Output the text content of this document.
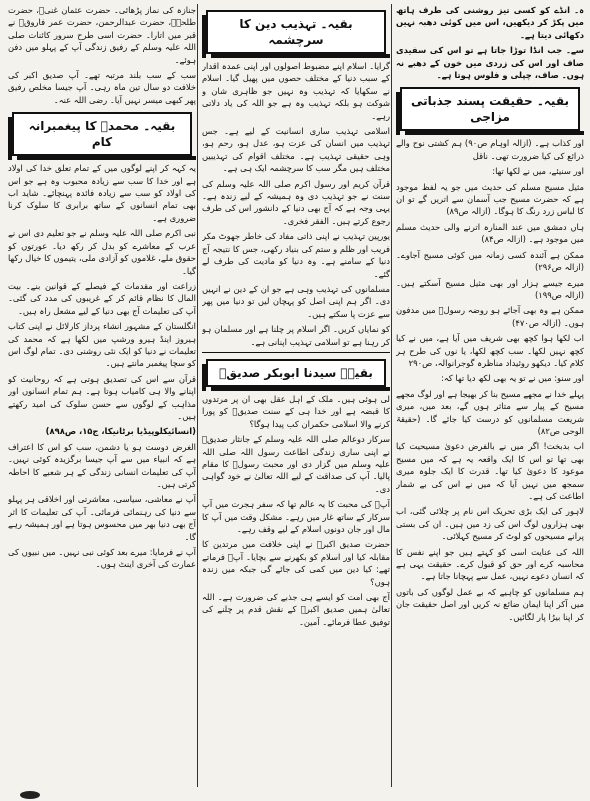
ہ۔ انڈے کو کسی تیز روشنی کی طرف ہاتھ میں پکڑ کر دیکھیں، اس میں کوئی دھبہ نہیں دکھائی دیتا ہے۔

سے۔ جب انڈا توڑا جاتا ہے تو اس کی سفیدی صاف اور اس کی زردی میں خون کے دھبے نہ ہوں۔ صاف، چپلی و فلوس ہوتا ہے۔

بقیہ۔ حقیقت پسند جذباتی مزاجی

اور کذاب ہے۔ (ازالہ اوہام ص۹۰) ہم کشتی نوح والے ذرائع کی کیا ضرورت تھی۔ ناقل

اور سنیئے، میں نے لکھا تھا:

مثیل مسیح مسلم کی حدیث میں جو یہ لفظ موجود ہے کہ حضرت مسیح جب آسمان سے اتریں گے تو ان کا لباس زرد رنگ کا ہوگا۔ (ازالہ ص۸۹)

ہاں دمشق میں عند المنارہ اترنے والی حدیث مسلم میں موجود ہے۔ (ازالہ ص۸۴)

ممکن ہے آئندہ کسی زمانہ میں کوئی مسیح آجاوے۔ (ازالہ ص۲۹۶)

میرے جیسے ہزار اور بھی مثیل مسیح آسکتے ہیں۔ (ازالہ ص۱۹۹)

ممکن ہے وہ بھی آجائے ہو روضہ رسولؐ میں مدفون ہوں۔ (ازالہ ص۴۷۰)

اب لکھا ہوا کچھ بھی شریف میں آیا ہے، میں نے کیا کچھ نہیں لکھا۔ سب کچھ لکھا، یا نوں کی طرح ہر کلام کیا۔ دیکھو روئیداد مناظرہ گوجرانوالہ، ص۲۹۰

اور سنو: میں نے تو یہ بھی لکھ دیا تھا کہ:

پہلے خدا نے مجھے مسیح بنا کر بھیجا ہے اور لوگ مجھے مسیح کے پیار سے متاثر ہوں گے، بعد میں، میری شریعت مسلمانوں کو درست کیا جائے گا۔ (حقیقۃ الوحی ص۸۲)

اب بدبخت! اگر میں نے بالفرض دعویٰ مسیحیت کیا بھی تھا تو اس کا ایک واقعہ یہ ہے کہ میں مسیح موعود کا دعویٰ کیا تھا۔ قدرت کا ایک جلوہ میری سمجھ میں نہیں آیا کہ میں نے اس کی بے شمار اطاعت کی ہے۔

لاہور کی ایک بڑی تحریک اس نام پر چلائی گئی، اب بھی ہزاروں لوگ اس کی زد میں ہیں۔ ان کی بستی پرانے مسیحوں کو لوٹ کر مسیح کہلائی۔

اللہ کی عنایت اسی کو کہتے ہیں جو اپنے نفس کا محاسبہ کرے اور حق کو قبول کرے۔ حقیقت یہی ہے کہ انسان دعوے نہیں، عمل سے پہچانا جاتا ہے۔

ہم مسلمانوں کو چاہیے کہ بے عمل لوگوں کی باتوں میں آکر اپنا ایمان ضائع نہ کریں اور اصل حقیقت جان کر اپنا بیڑا پار لگائیں۔

بقیہ۔ تہذیب دین کا سرچشمہ

گرایا۔ اسلام اپنے مضبوط اصولوں اور اپنی عمدہ اقدار کے سبب دنیا کے مختلف حصوں میں پھیل گیا۔ اسلام نے سکھایا کہ تہذیب وہ نہیں جو ظاہری شان و شوکت ہو بلکہ تہذیب وہ ہے جو اللہ کی یاد دلاتی رہے۔

اسلامی تہذیب ساری انسانیت کے لیے ہے۔ جس تہذیب میں انسان کی عزت ہو، عدل ہو، رحم ہو، وہی حقیقی تہذیب ہے۔ مختلف اقوام کی تہذیبیں مختلف ہیں مگر سب کا سرچشمہ ایک ہی ہے۔

قرآن کریم اور رسول اکرم صلی اللہ علیہ وسلم کی سنت نے جو تہذیب دی وہ ہمیشہ کے لیے زندہ ہے۔ یہی وجہ ہے کہ آج بھی دنیا کے دانشور اس کی طرف رجوع کرتے ہیں۔ الفقر فخری۔

یورپین تہذیب نے اپنی ذاتی مفاد کی خاطر جھوٹ مکر فریب اور ظلم و ستم کی بنیاد رکھی، جس کا نتیجہ آج دنیا کے سامنے ہے۔ وہ دنیا کو مادیت کی طرف لے گئے۔

مسلمانوں کی تہذیب وہی ہے جو ان کے دین نے انہیں دی۔ اگر ہم اپنی اصل کو پہچان لیں تو دنیا میں پھر سے عزت پا سکتے ہیں۔

کو نمایاں کریں۔ اگر اسلام پر چلنا ہے اور مسلمان ہو کر رہنا ہے تو اسلامی تہذیب اپنانی ہے۔

بقیہ۔ سیدنا ابوبکر صدیقؓ

لی ہوئی ہیں۔ ملک کے اہل عقل بھی ان پر مرتدوں کا قبضہ ہے اور خدا ہی کے سنت صدیقؓ کو پورا کرنے والا اسلامی حکمران کب پیدا ہوگا؟

سرکار دوعالم صلی اللہ علیہ وسلم کے جانثار صدیقؓ نے اپنی ساری زندگی اطاعت رسول اللہ صلی اللہ علیہ وسلم میں گزار دی اور محبت رسولؐ کا مقام پالیا۔ آپ کی صداقت کے لیے اللہ تعالیٰ نے خود گواہی دی۔

آپؓ کی محبت کا یہ عالم تھا کہ سفر ہجرت میں آپ سرکار کے ساتھ غار میں رہے۔ مشکل وقت میں آپ کا مال اور جان دونوں اسلام کے لیے وقف رہے۔

حضرت صدیق اکبرؓ نے اپنی خلافت میں مرتدین کا مقابلہ کیا اور اسلام کو بکھرنے سے بچایا۔ آپؓ فرماتے تھے: کیا دین میں کمی کی جائے گی جبکہ میں زندہ ہوں؟

آج بھی امت کو ایسے ہی جذبے کی ضرورت ہے۔ اللہ تعالیٰ ہمیں صدیق اکبرؓ کے نقش قدم پر چلنے کی توفیق عطا فرمائے۔ آمین۔

جنازہ کی نماز پڑھائی۔ حضرت عثمان غنیؓ، حضرت طلحہؓ، حضرت عبدالرحمن، حضرت عمر فاروقؓ نے قبر میں اتارا۔ حضرت اسی طرح سرور کائنات صلی اللہ علیہ وسلم کے رفیق زندگی آپ کے پہلو میں دفن ہوئے۔

سب کے سب بلند مرتبہ تھے۔ آپ صدیق اکبر کی خلافت دو سال تین ماہ رہی۔ آپ جیسا مخلص رفیق پھر کبھی میسر نہیں آیا۔ رضی اللہ عنہ۔

بقیہ۔ محمدؐ کا پیغمبرانہ کام

یہ کہہ کر اپنے لوگوں میں کے تمام تعلق خدا کی اولاد ہے اور خدا کا سب سے زیادہ محبوب وہ ہے جو اس کی اولاد کو سب سے زیادہ فائدہ پہنچائے۔ شاید اب بھی تمام انسانوں کے ساتھ برابری کا سلوک کرنا ضروری ہے۔

نبی اکرم صلی اللہ علیہ وسلم نے جو تعلیم دی اس نے عرب کے معاشرے کو بدل کر رکھ دیا۔ عورتوں کو حقوق ملے، غلاموں کو آزادی ملی، یتیموں کا خیال رکھا گیا۔

زراعت اور مقدمات کے فیصلے کے قوانین بنے۔ بیت المال کا نظام قائم کر کے غریبوں کی مدد کی گئی۔ آپ کی تعلیمات آج بھی دنیا کے لیے مشعل راہ ہیں۔

انگلستان کے مشہور انشاء پرداز کارلائل نے اپنی کتاب ہیروز اینڈ ہیرو ورشپ میں لکھا ہے کہ محمد کی تعلیمات نے دنیا کو ایک نئی روشنی دی۔ تمام لوگ اس کو سچا پیغمبر مانتے ہیں۔

قرآن سے اس کی تصدیق ہوتی ہے کہ روحانیت کو اپنانے والا ہی کامیاب ہوتا ہے۔ ہم تمام انسانوں اور مذاہب کے لوگوں سے حسن سلوک کی امید رکھتے ہیں۔

(انسائیکلوپیڈیا برٹانیکا، ج۱۵، ص۸۹۸)

الغرض دوست ہو یا دشمن، سب کو اس کا اعتراف ہے کہ انبیاء میں سے آپ جیسا برگزیدہ کوئی نہیں۔ آپ کی تعلیمات انسانی زندگی کے ہر شعبے کا احاطہ کرتی ہیں۔

آپ نے معاشی، سیاسی، معاشرتی اور اخلاقی ہر پہلو سے دنیا کی رہنمائی فرمائی۔ آپ کی تعلیمات کا اثر آج بھی دنیا بھر میں محسوس ہوتا ہے اور ہمیشہ رہے گا۔

آپ نے فرمایا: میرے بعد کوئی نبی نہیں۔ میں نبیوں کی عمارت کی آخری اینٹ ہوں۔
